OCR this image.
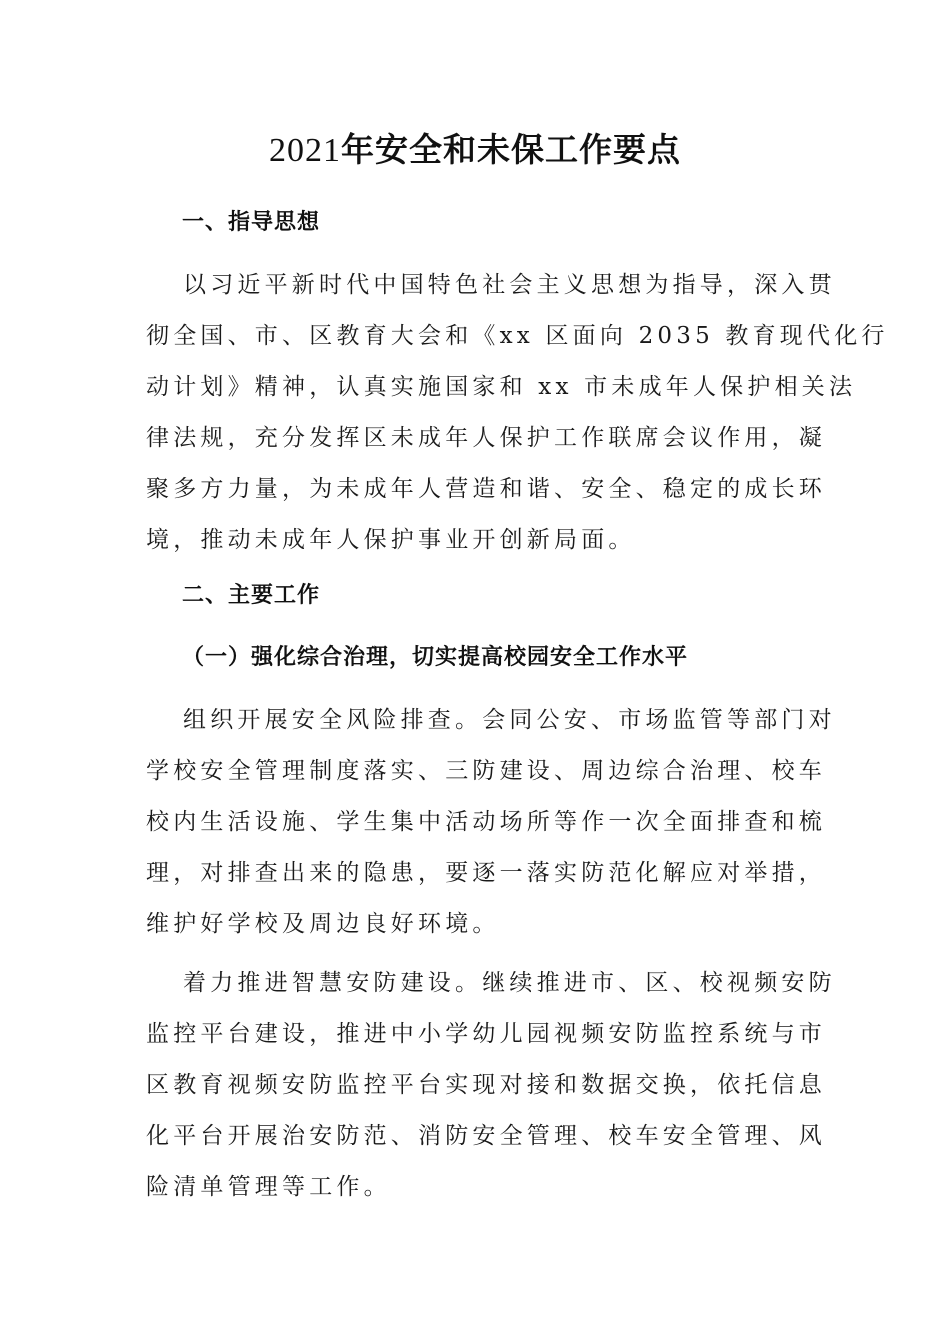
2021年安全和未保工作要点
一、指导思想
以习近平新时代中国特色社会主义思想为指导，深入贯
彻全国、市、区教育大会和《xx 区面向 2035 教育现代化行
动计划》精神，认真实施国家和 xx 市未成年人保护相关法
律法规，充分发挥区未成年人保护工作联席会议作用，凝
聚多方力量，为未成年人营造和谐、安全、稳定的成长环
境，推动未成年人保护事业开创新局面。
二、主要工作
（一）强化综合治理，切实提高校园安全工作水平
组织开展安全风险排查。会同公安、市场监管等部门对
学校安全管理制度落实、三防建设、周边综合治理、校车
校内生活设施、学生集中活动场所等作一次全面排查和梳
理，对排查出来的隐患，要逐一落实防范化解应对举措，
维护好学校及周边良好环境。
着力推进智慧安防建设。继续推进市、区、校视频安防
监控平台建设，推进中小学幼儿园视频安防监控系统与市
区教育视频安防监控平台实现对接和数据交换，依托信息
化平台开展治安防范、消防安全管理、校车安全管理、风
险清单管理等工作。
